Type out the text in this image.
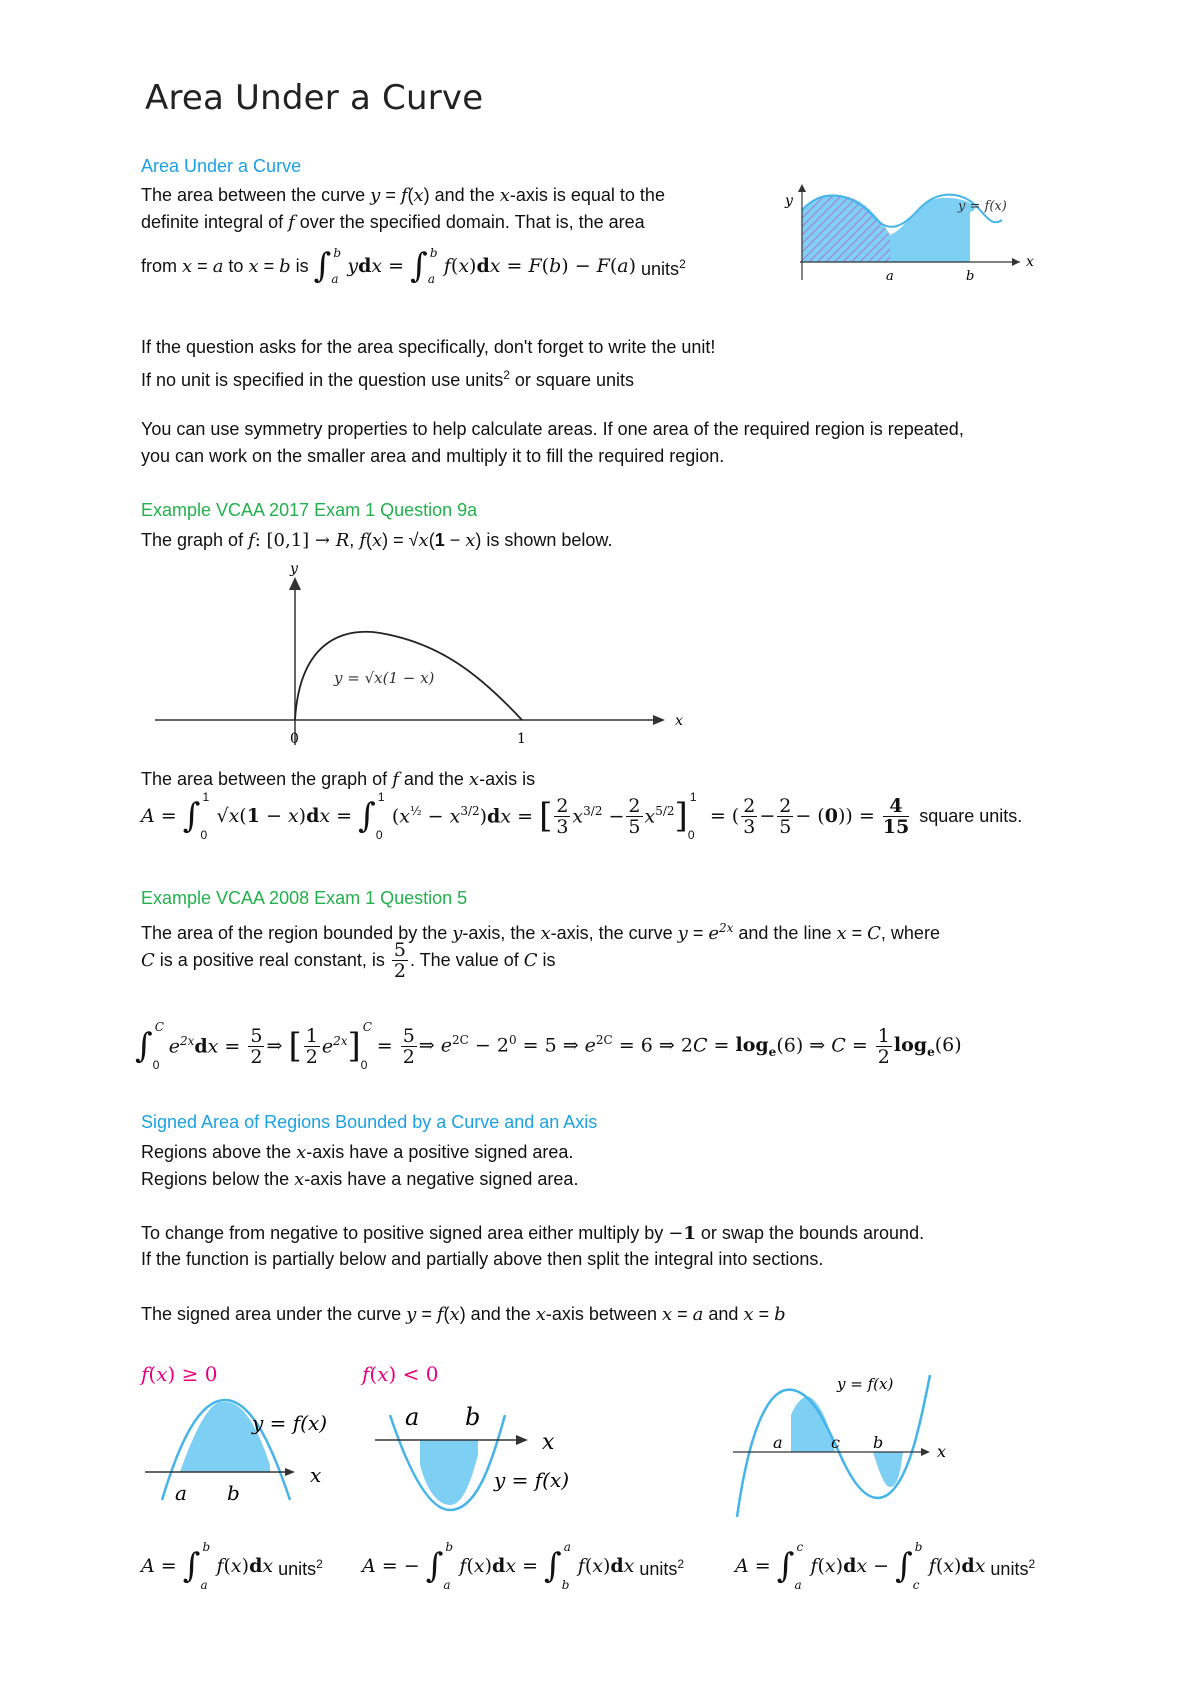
Area Under a Curve
Area Under a Curve
The area between the curve y = f(x) and the x-axis is equal to the
definite integral of f over the specified domain. That is, the area
from x = a to x = b is ∫ b
a
ydx = ∫ b
a
f(x)dx = F(b) − F(a) units$^2$
y
x
y = f(x)
a	b
If the question asks for the area specifically, don't forget to write the unit!
If no unit is specified in the question use units$^2$ or square units
You can use symmetry properties to help calculate areas. If one area of the required region is repeated,
you can work on the smaller area and multiply it to fill the required region.
Example VCAA 2017 Exam 1 Question 9a
The graph of f: [0,1] → R, f(x) = √x(1 − x) is shown below.
y
x
y = √x(1 − x)
0	1
The area between the graph of f and the x-axis is
A = ∫ 1
0
√x(1 − x)dx = ∫ 1
0
$(x^{\frac{1}{2}} - x^{3/2})dx$ = [ $\frac{2}{3} x^{3/2} - \frac{2}{5} x^{5/2}$ ] 1
0
= ( $\frac{2}{3} - \frac{2}{5} - (0)) = \frac{4}{15}$ square units.
Example VCAA 2008 Exam 1 Question 5
The area of the region bounded by the y-axis, the x-axis, the curve $y = e^{2x}$ and the line x = C, where
C is a positive real constant, is $\frac{5}{2}$ . The value of C is
∫ C
0
$e^{2x}dx = \frac{5}{2}$ ⇒ [ $\frac{1}{2} e^{2x}$ ] C
0
= $\frac{5}{2}$ ⇒ $e^{2C} - 2^0 = 5$ ⇒ $e^{2C} = 6$ ⇒ $2C = \log_e(6)$ ⇒ $C = \frac{1}{2} \log_e(6)$
Signed Area of Regions Bounded by a Curve and an Axis
Regions above the x-axis have a positive signed area.
Regions below the x-axis have a negative signed area.
To change from negative to positive signed area either multiply by −1 or swap the bounds around.
If the function is partially below and partially above then split the integral into sections.
The signed area under the curve y = f(x) and the x-axis between x = a and x = b
f(x) ≥ 0	f(x) < 0
y = f(x)
x
a b
a b
x
y = f(x)
y = f(x)
a	c b	x
A = ∫ b
a
f(x)dx units$^2$ A = − ∫ b
a
f(x)dx = ∫ a
b
f(x)dx units$^2$	A = ∫ c
a
f(x)dx − ∫ b
c
f(x)dx units$^2$
